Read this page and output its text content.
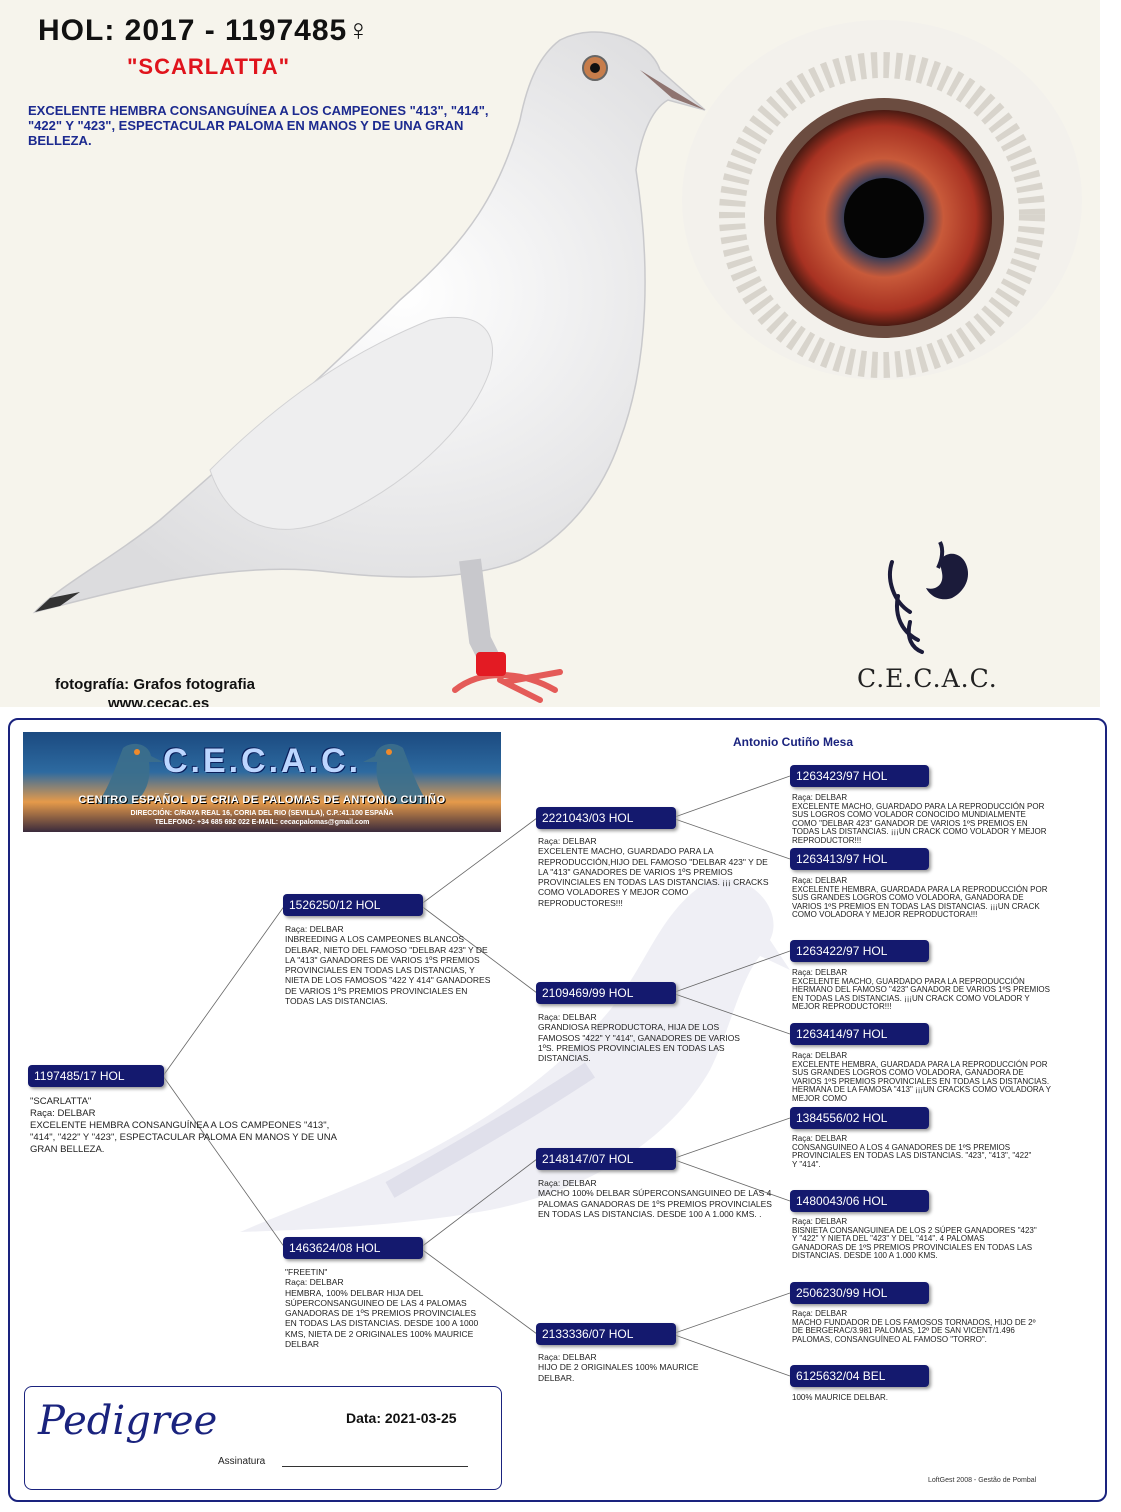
HOL: 2017 - 1197485♀
"SCARLATTA"
EXCELENTE HEMBRA CONSANGUÍNEA A LOS CAMPEONES "413", "414", "422" Y "423", ESPECTACULAR PALOMA EN MANOS Y DE UNA GRAN BELLEZA.
fotografía: Grafos fotografia
www.cecac.es
C.E.C.A.C.
Antonio Cutiño Mesa
C.E.C.A.C.
CENTRO ESPAÑOL DE CRIA DE PALOMAS DE ANTONIO CUTIÑO
DIRECCIÓN: C/RAYA REAL 16, CORIA DEL RIO (SEVILLA), C.P.:41.100 ESPAÑA
TELEFONO: +34 685 692 022 E-MAIL: cecacpalomas@gmail.com
1197485/17 HOL

"SCARLATTA"

Raça: DELBAR

EXCELENTE HEMBRA CONSANGUÍNEA A LOS CAMPEONES "413", "414", "422" Y "423", ESPECTACULAR PALOMA EN MANOS Y DE UNA GRAN BELLEZA.

1526250/12 HOL

Raça: DELBAR

INBREEDING A LOS CAMPEONES BLANCOS DELBAR, NIETO DEL FAMOSO "DELBAR 423" Y DE LA "413" GANADORES DE VARIOS 1ºS PREMIOS PROVINCIALES EN TODAS LAS DISTANCIAS, Y NIETA DE LOS FAMOSOS "422 Y 414" GANADORES DE VARIOS 1ºS PREMIOS PROVINCIALES EN TODAS LAS DISTANCIAS.

1463624/08 HOL

"FREETIN"

Raça: DELBAR

HEMBRA, 100% DELBAR HIJA DEL SÚPERCONSANGUINEO DE LAS 4 PALOMAS GANADORAS DE 1ºS PREMIOS PROVINCIALES EN TODAS LAS DISTANCIAS. DESDE 100 A 1000 KMS, NIETA DE 2 ORIGINALES 100% MAURICE DELBAR

2221043/03 HOL

Raça: DELBAR

EXCELENTE MACHO, GUARDADO PARA LA REPRODUCCIÓN,HIJO DEL FAMOSO "DELBAR 423" Y DE LA "413" GANADORES DE VARIOS 1ºS PREMIOS PROVINCIALES EN TODAS LAS DISTANCIAS. ¡¡¡ CRACKS COMO VOLADORES Y MEJOR COMO REPRODUCTORES!!!

2109469/99 HOL

Raça: DELBAR

GRANDIOSA REPRODUCTORA, HIJA DE LOS FAMOSOS "422" Y "414", GANADORES DE VARIOS 1ºS. PREMIOS PROVINCIALES EN TODAS LAS DISTANCIAS.

2148147/07 HOL

Raça: DELBAR

MACHO 100% DELBAR SÚPERCONSANGUINEO DE LAS 4 PALOMAS GANADORAS DE 1ºS PREMIOS PROVINCIALES EN TODAS LAS DISTANCIAS. DESDE 100 A 1.000 KMS. .

2133336/07 HOL

Raça: DELBAR

HIJO DE 2 ORIGINALES 100% MAURICE DELBAR.

1263423/97 HOL

Raça: DELBAR

EXCELENTE MACHO, GUARDADO PARA LA REPRODUCCIÓN POR SUS LOGROS COMO VOLADOR CONOCIDO MUNDIALMENTE COMO "DELBAR 423" GANADOR DE VARIOS 1ºS PREMIOS EN TODAS LAS DISTANCIAS. ¡¡¡UN CRACK COMO VOLADOR Y MEJOR REPRODUCTOR!!!

1263413/97 HOL

Raça: DELBAR

EXCELENTE HEMBRA, GUARDADA PARA LA REPRODUCCIÓN POR SUS GRANDES LOGROS COMO VOLADORA, GANADORA DE VARIOS 1ºS PREMIOS EN TODAS LAS DISTANCIAS. ¡¡¡UN CRACK COMO VOLADORA Y MEJOR REPRODUCTORA!!!

1263422/97 HOL

Raça: DELBAR

EXCELENTE MACHO, GUARDADO PARA LA REPRODUCCIÓN HERMANO DEL FAMOSO "423" GANADOR DE VARIOS 1ºS PREMIOS EN TODAS LAS DISTANCIAS. ¡¡¡UN CRACK COMO VOLADOR Y MEJOR REPRODUCTOR!!!

1263414/97 HOL

Raça: DELBAR

EXCELENTE HEMBRA, GUARDADA PARA LA REPRODUCCIÓN POR SUS GRANDES LOGROS COMO VOLADORA, GANADORA DE VARIOS 1ºS PREMIOS PROVINCIALES EN TODAS LAS DISTANCIAS. HERMANA DE LA FAMOSA "413" ¡¡¡UN CRACKS COMO VOLADORA Y MEJOR COMO

1384556/02 HOL

Raça: DELBAR

CONSANGUINEO A LOS 4 GANADORES DE 1ºS PREMIOS PROVINCIALES EN TODAS LAS DISTANCIAS. "423", "413", "422" Y "414".

1480043/06 HOL

Raça: DELBAR

BISNIETA CONSANGUINEA DE LOS 2 SÚPER GANADORES "423" Y "422" Y NIETA DEL "423" Y DEL "414". 4 PALOMAS GANADORAS DE 1ºS PREMIOS PROVINCIALES EN TODAS LAS DISTANCIAS. DESDE 100 A 1.000 KMS.

2506230/99 HOL

Raça: DELBAR

MACHO FUNDADOR DE LOS FAMOSOS TORNADOS, HIJO DE 2º DE BERGERAC/3.981 PALOMAS, 12º DE SAN VICENT/1.496 PALOMAS, CONSANGUÍNEO AL FAMOSO "TORRO".

6125632/04 BEL

100% MAURICE DELBAR.

Pedigree	Data: 2021-03-25
Assinatura
LoftGest 2008 - Gestão de Pombal
